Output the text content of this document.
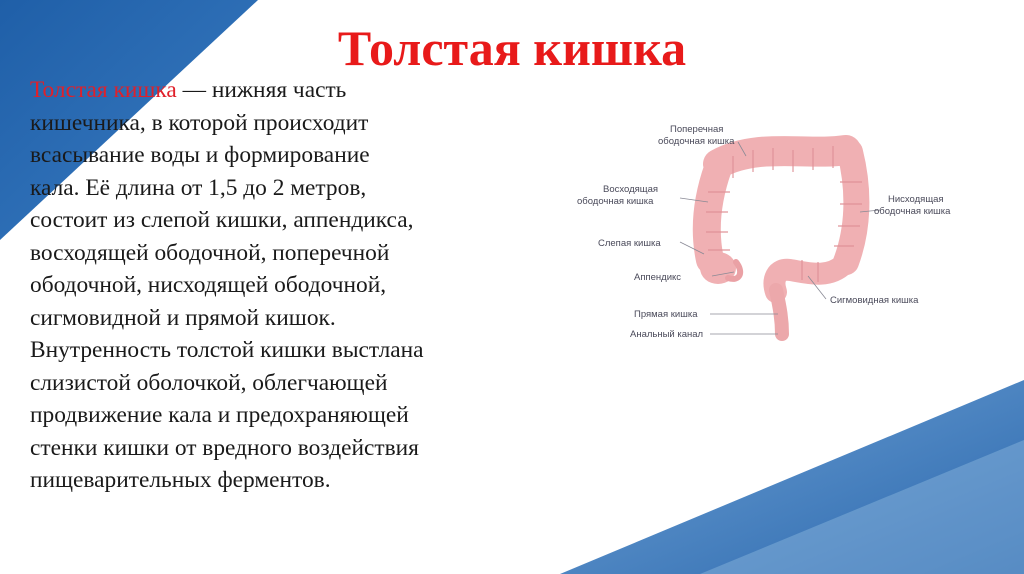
Толстая кишка
Толстая кишка — нижняя часть
кишечника, в которой происходит
всасывание воды и формирование
кала. Её длина от 1,5 до 2 метров,
состоит из слепой кишки, аппендикса,
восходящей ободочной, поперечной
ободочной, нисходящей ободочной,
сигмовидной и прямой кишок.
Внутренность толстой кишки выстлана
слизистой оболочкой, облегчающей
продвижение кала и предохраняющей
стенки кишки от вредного воздействия
пищеварительных ферментов.
Поперечная
ободочная кишка
Восходящая
ободочная кишка	Нисходящая
ободочная кишка
Слепая кишка
Аппендикс
Сигмовидная кишка
Прямая кишка
Анальный канал
